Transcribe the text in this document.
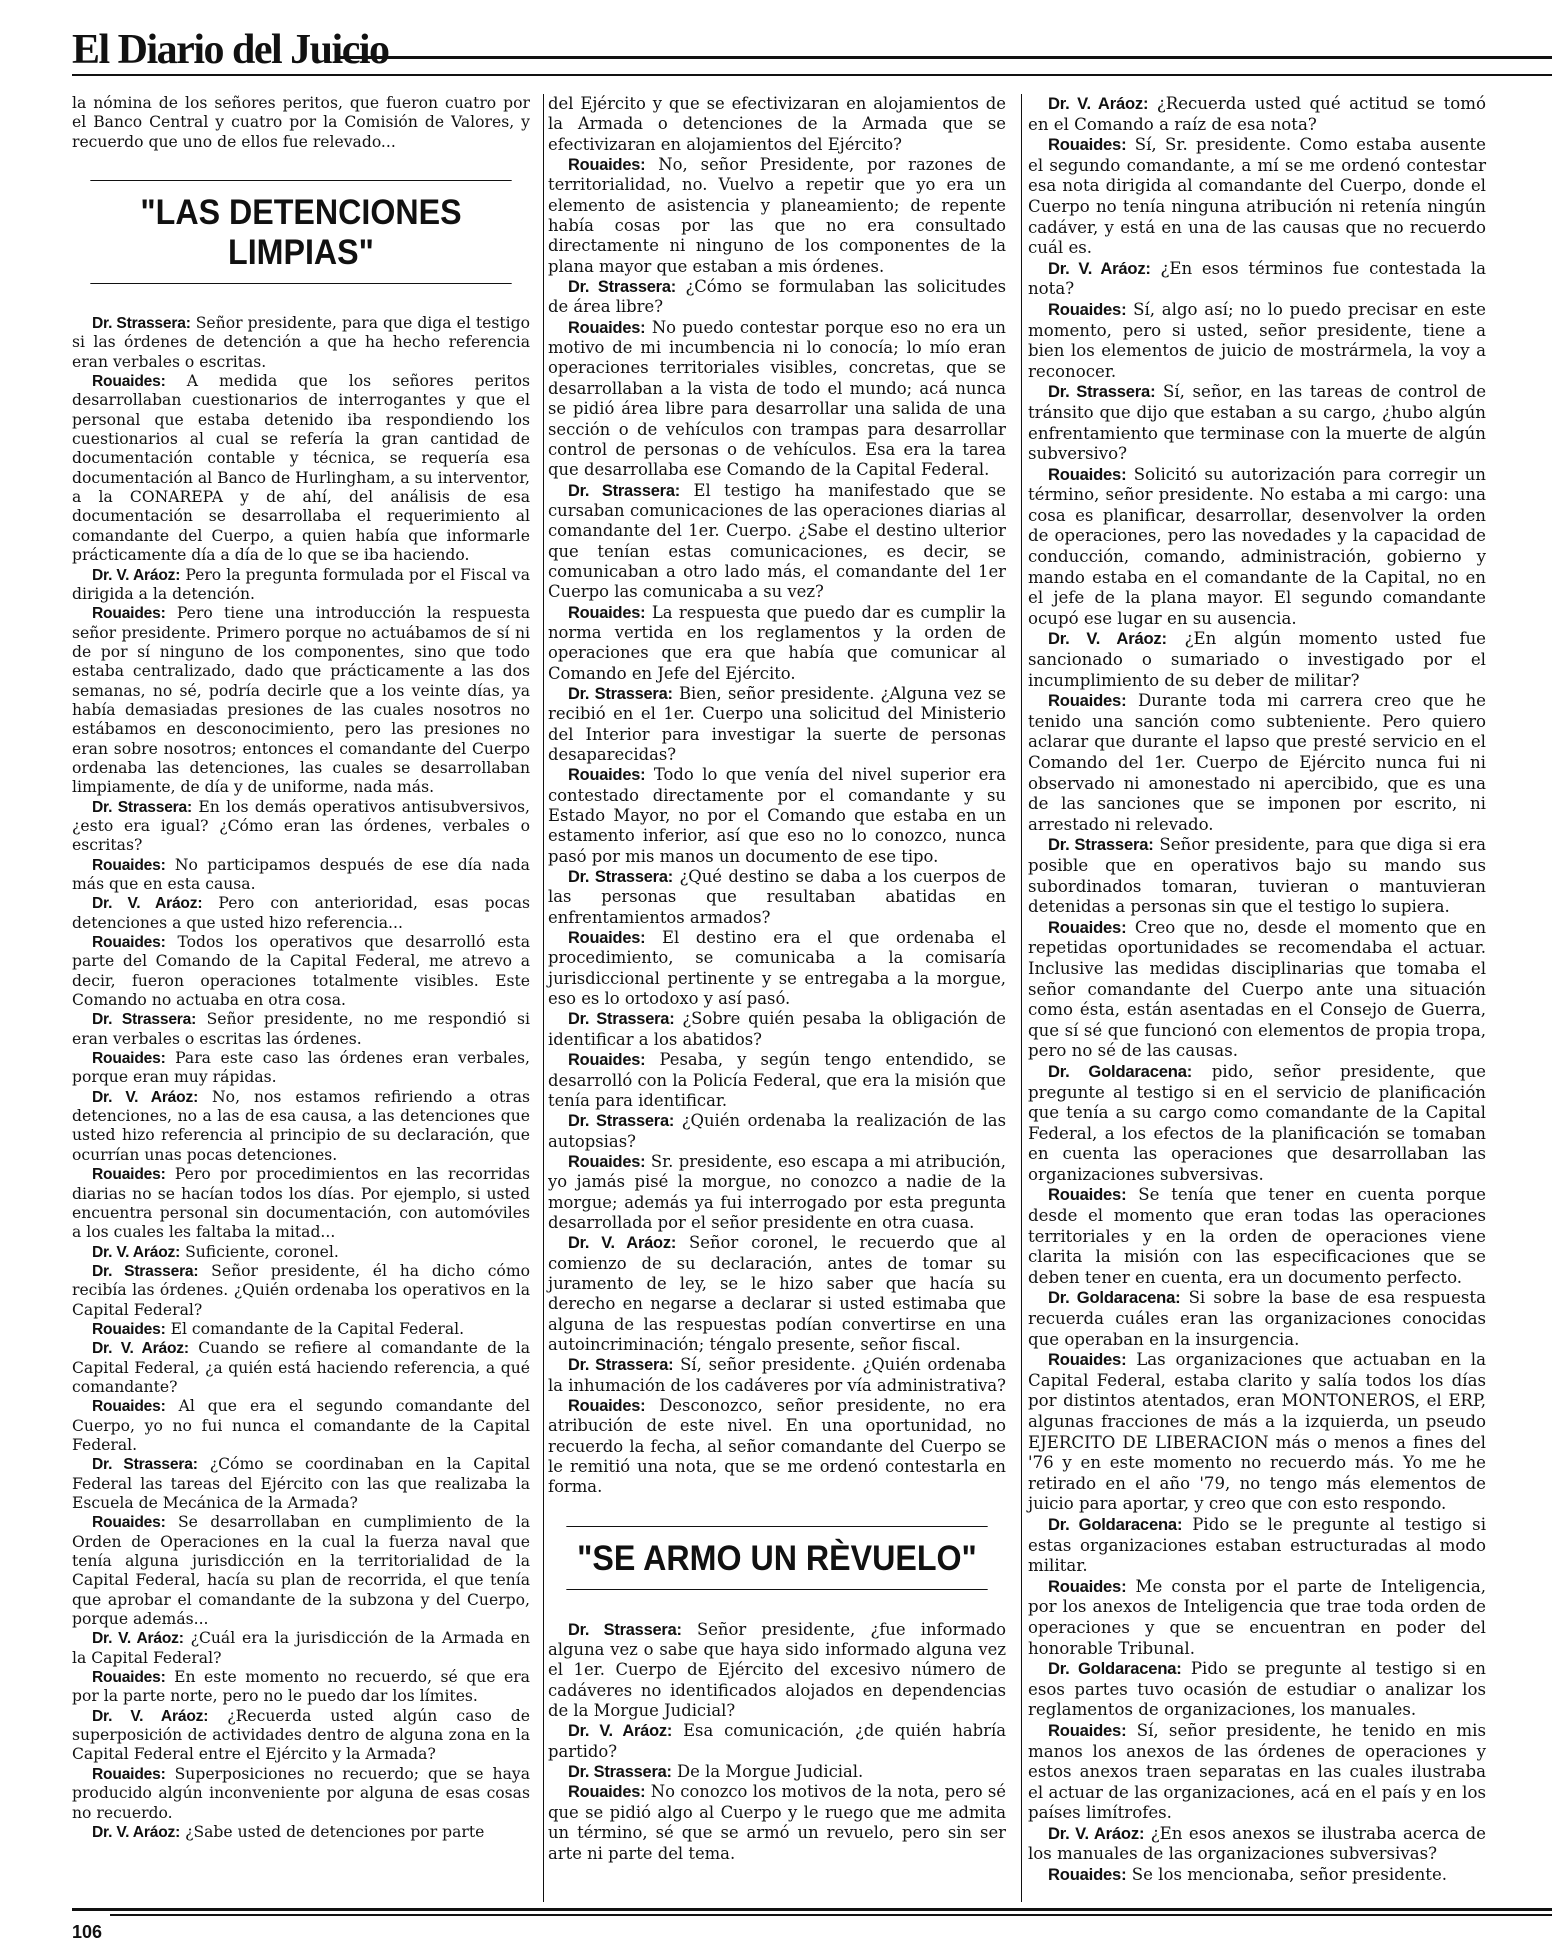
El Diario del Juicio

la nómina de los señores peritos, que fueron cuatro por el Banco Central y cuatro por la Comisión de Valores, y recuerdo que uno de ellos fue relevado...

"LAS DETENCIONES LIMPIAS"

Dr. Strassera: Señor presidente, para que diga el testigo si las órdenes de detención a que ha hecho referencia eran verbales o escritas.

Rouaides: A medida que los señores peritos desarrollaban cuestionarios de interrogantes y que el personal que estaba detenido iba respondiendo los cuestionarios al cual se refería la gran cantidad de documentación contable y técnica, se requería esa documentación al Banco de Hurlingham, a su interventor, a la CONAREPA y de ahí, del análisis de esa documentación se desarrollaba el requerimiento al comandante del Cuerpo, a quien había que informarle prácticamente día a día de lo que se iba haciendo.

Dr. V. Aráoz: Pero la pregunta formulada por el Fiscal va dirigida a la detención.

Rouaides: Pero tiene una introducción la respuesta señor presidente. Primero porque no actuábamos de sí ni de por sí ninguno de los componentes, sino que todo estaba centralizado, dado que prácticamente a las dos semanas, no sé, podría decirle que a los veinte días, ya había demasiadas presiones de las cuales nosotros no estábamos en desconocimiento, pero las presiones no eran sobre nosotros; entonces el comandante del Cuerpo ordenaba las detenciones, las cuales se desarrollaban limpiamente, de día y de uniforme, nada más.

Dr. Strassera: En los demás operativos antisubversivos, ¿esto era igual? ¿Cómo eran las órdenes, verbales o escritas?

Rouaides: No participamos después de ese día nada más que en esta causa.

Dr. V. Aráoz: Pero con anterioridad, esas pocas detenciones a que usted hizo referencia...

Rouaides: Todos los operativos que desarrolló esta parte del Comando de la Capital Federal, me atrevo a decir, fueron operaciones totalmente visibles. Este Comando no actuaba en otra cosa.

Dr. Strassera: Señor presidente, no me respondió si eran verbales o escritas las órdenes.

Rouaides: Para este caso las órdenes eran verbales, porque eran muy rápidas.

Dr. V. Aráoz: No, nos estamos refiriendo a otras detenciones, no a las de esa causa, a las detenciones que usted hizo referencia al principio de su declaración, que ocurrían unas pocas detenciones.

Rouaides: Pero por procedimientos en las recorridas diarias no se hacían todos los días. Por ejemplo, si usted encuentra personal sin documentación, con automóviles a los cuales les faltaba la mitad...

Dr. V. Aráoz: Suficiente, coronel.

Dr. Strassera: Señor presidente, él ha dicho cómo recibía las órdenes. ¿Quién ordenaba los operativos en la Capital Federal?

Rouaides: El comandante de la Capital Federal.

Dr. V. Aráoz: Cuando se refiere al comandante de la Capital Federal, ¿a quién está haciendo referencia, a qué comandante?

Rouaides: Al que era el segundo comandante del Cuerpo, yo no fui nunca el comandante de la Capital Federal.

Dr. Strassera: ¿Cómo se coordinaban en la Capital Federal las tareas del Ejército con las que realizaba la Escuela de Mecánica de la Armada?

Rouaides: Se desarrollaban en cumplimiento de la Orden de Operaciones en la cual la fuerza naval que tenía alguna jurisdicción en la territorialidad de la Capital Federal, hacía su plan de recorrida, el que tenía que aprobar el comandante de la subzona y del Cuerpo, porque además...

Dr. V. Aráoz: ¿Cuál era la jurisdicción de la Armada en la Capital Federal?

Rouaides: En este momento no recuerdo, sé que era por la parte norte, pero no le puedo dar los límites.

Dr. V. Aráoz: ¿Recuerda usted algún caso de superposición de actividades dentro de alguna zona en la Capital Federal entre el Ejército y la Armada?

Rouaides: Superposiciones no recuerdo; que se haya producido algún inconveniente por alguna de esas cosas no recuerdo.

Dr. V. Aráoz: ¿Sabe usted de detenciones por parte

del Ejército y que se efectivizaran en alojamientos de la Armada o detenciones de la Armada que se efectivizaran en alojamientos del Ejército?

Rouaides: No, señor Presidente, por razones de territorialidad, no. Vuelvo a repetir que yo era un elemento de asistencia y planeamiento; de repente había cosas por las que no era consultado directamente ni ninguno de los componentes de la plana mayor que estaban a mis órdenes.

Dr. Strassera: ¿Cómo se formulaban las solicitudes de área libre?

Rouaides: No puedo contestar porque eso no era un motivo de mi incumbencia ni lo conocía; lo mío eran operaciones territoriales visibles, concretas, que se desarrollaban a la vista de todo el mundo; acá nunca se pidió área libre para desarrollar una salida de una sección o de vehículos con trampas para desarrollar control de personas o de vehículos. Esa era la tarea que desarrollaba ese Comando de la Capital Federal.

Dr. Strassera: El testigo ha manifestado que se cursaban comunicaciones de las operaciones diarias al comandante del 1er. Cuerpo. ¿Sabe el destino ulterior que tenían estas comunicaciones, es decir, se comunicaban a otro lado más, el comandante del 1er Cuerpo las comunicaba a su vez?

Rouaides: La respuesta que puedo dar es cumplir la norma vertida en los reglamentos y la orden de operaciones que era que había que comunicar al Comando en Jefe del Ejército.

Dr. Strassera: Bien, señor presidente. ¿Alguna vez se recibió en el 1er. Cuerpo una solicitud del Ministerio del Interior para investigar la suerte de personas desaparecidas?

Rouaides: Todo lo que venía del nivel superior era contestado directamente por el comandante y su Estado Mayor, no por el Comando que estaba en un estamento inferior, así que eso no lo conozco, nunca pasó por mis manos un documento de ese tipo.

Dr. Strassera: ¿Qué destino se daba a los cuerpos de las personas que resultaban abatidas en enfrentamientos armados?

Rouaides: El destino era el que ordenaba el procedimiento, se comunicaba a la comisaría jurisdiccional pertinente y se entregaba a la morgue, eso es lo ortodoxo y así pasó.

Dr. Strassera: ¿Sobre quién pesaba la obligación de identificar a los abatidos?

Rouaides: Pesaba, y según tengo entendido, se desarrolló con la Policía Federal, que era la misión que tenía para identificar.

Dr. Strassera: ¿Quién ordenaba la realización de las autopsias?

Rouaides: Sr. presidente, eso escapa a mi atribución, yo jamás pisé la morgue, no conozco a nadie de la morgue; además ya fui interrogado por esta pregunta desarrollada por el señor presidente en otra cuasa.

Dr. V. Aráoz: Señor coronel, le recuerdo que al comienzo de su declaración, antes de tomar su juramento de ley, se le hizo saber que hacía su derecho en negarse a declarar si usted estimaba que alguna de las respuestas podían convertirse en una autoincriminación; téngalo presente, señor fiscal.

Dr. Strassera: Sí, señor presidente. ¿Quién ordenaba la inhumación de los cadáveres por vía administrativa?

Rouaides: Desconozco, señor presidente, no era atribución de este nivel. En una oportunidad, no recuerdo la fecha, al señor comandante del Cuerpo se le remitió una nota, que se me ordenó contestarla en forma.

"SE ARMO UN RÈVUELO"

Dr. Strassera: Señor presidente, ¿fue informado alguna vez o sabe que haya sido informado alguna vez el 1er. Cuerpo de Ejército del excesivo número de cadáveres no identificados alojados en dependencias de la Morgue Judicial?

Dr. V. Aráoz: Esa comunicación, ¿de quién habría partido?

Dr. Strassera: De la Morgue Judicial.

Rouaides: No conozco los motivos de la nota, pero sé que se pidió algo al Cuerpo y le ruego que me admita un término, sé que se armó un revuelo, pero sin ser arte ni parte del tema.

Dr. V. Aráoz: ¿Recuerda usted qué actitud se tomó en el Comando a raíz de esa nota?

Rouaides: Sí, Sr. presidente. Como estaba ausente el segundo comandante, a mí se me ordenó contestar esa nota dirigida al comandante del Cuerpo, donde el Cuerpo no tenía ninguna atribución ni retenía ningún cadáver, y está en una de las causas que no recuerdo cuál es.

Dr. V. Aráoz: ¿En esos términos fue contestada la nota?

Rouaides: Sí, algo así; no lo puedo precisar en este momento, pero si usted, señor presidente, tiene a bien los elementos de juicio de mostrármela, la voy a reconocer.

Dr. Strassera: Sí, señor, en las tareas de control de tránsito que dijo que estaban a su cargo, ¿hubo algún enfrentamiento que terminase con la muerte de algún subversivo?

Rouaides: Solicitó su autorización para corregir un término, señor presidente. No estaba a mi cargo: una cosa es planificar, desarrollar, desenvolver la orden de operaciones, pero las novedades y la capacidad de conducción, comando, administración, gobierno y mando estaba en el comandante de la Capital, no en el jefe de la plana mayor. El segundo comandante ocupó ese lugar en su ausencia.

Dr. V. Aráoz: ¿En algún momento usted fue sancionado o sumariado o investigado por el incumplimiento de su deber de militar?

Rouaides: Durante toda mi carrera creo que he tenido una sanción como subteniente. Pero quiero aclarar que durante el lapso que presté servicio en el Comando del 1er. Cuerpo de Ejército nunca fui ni observado ni amonestado ni apercibido, que es una de las sanciones que se imponen por escrito, ni arrestado ni relevado.

Dr. Strassera: Señor presidente, para que diga si era posible que en operativos bajo su mando sus subordinados tomaran, tuvieran o mantuvieran detenidas a personas sin que el testigo lo supiera.

Rouaides: Creo que no, desde el momento que en repetidas oportunidades se recomendaba el actuar. Inclusive las medidas disciplinarias que tomaba el señor comandante del Cuerpo ante una situación como ésta, están asentadas en el Consejo de Guerra, que sí sé que funcionó con elementos de propia tropa, pero no sé de las causas.

Dr. Goldaracena: pido, señor presidente, que pregunte al testigo si en el servicio de planificación que tenía a su cargo como comandante de la Capital Federal, a los efectos de la planificación se tomaban en cuenta las operaciones que desarrollaban las organizaciones subversivas.

Rouaides: Se tenía que tener en cuenta porque desde el momento que eran todas las operaciones territoriales y en la orden de operaciones viene clarita la misión con las especificaciones que se deben tener en cuenta, era un documento perfecto.

Dr. Goldaracena: Si sobre la base de esa respuesta recuerda cuáles eran las organizaciones conocidas que operaban en la insurgencia.

Rouaides: Las organizaciones que actuaban en la Capital Federal, estaba clarito y salía todos los días por distintos atentados, eran MONTONEROS, el ERP, algunas fracciones de más a la izquierda, un pseudo EJERCITO DE LIBERACION más o menos a fines del '76 y en este momento no recuerdo más. Yo me he retirado en el año '79, no tengo más elementos de juicio para aportar, y creo que con esto respondo.

Dr. Goldaracena: Pido se le pregunte al testigo si estas organizaciones estaban estructuradas al modo militar.

Rouaides: Me consta por el parte de Inteligencia, por los anexos de Inteligencia que trae toda orden de operaciones y que se encuentran en poder del honorable Tribunal.

Dr. Goldaracena: Pido se pregunte al testigo si en esos partes tuvo ocasión de estudiar o analizar los reglamentos de organizaciones, los manuales.

Rouaides: Sí, señor presidente, he tenido en mis manos los anexos de las órdenes de operaciones y estos anexos traen separatas en las cuales ilustraba el actuar de las organizaciones, acá en el país y en los países limítrofes.

Dr. V. Aráoz: ¿En esos anexos se ilustraba acerca de los manuales de las organizaciones subversivas?

Rouaides: Se los mencionaba, señor presidente.

106
